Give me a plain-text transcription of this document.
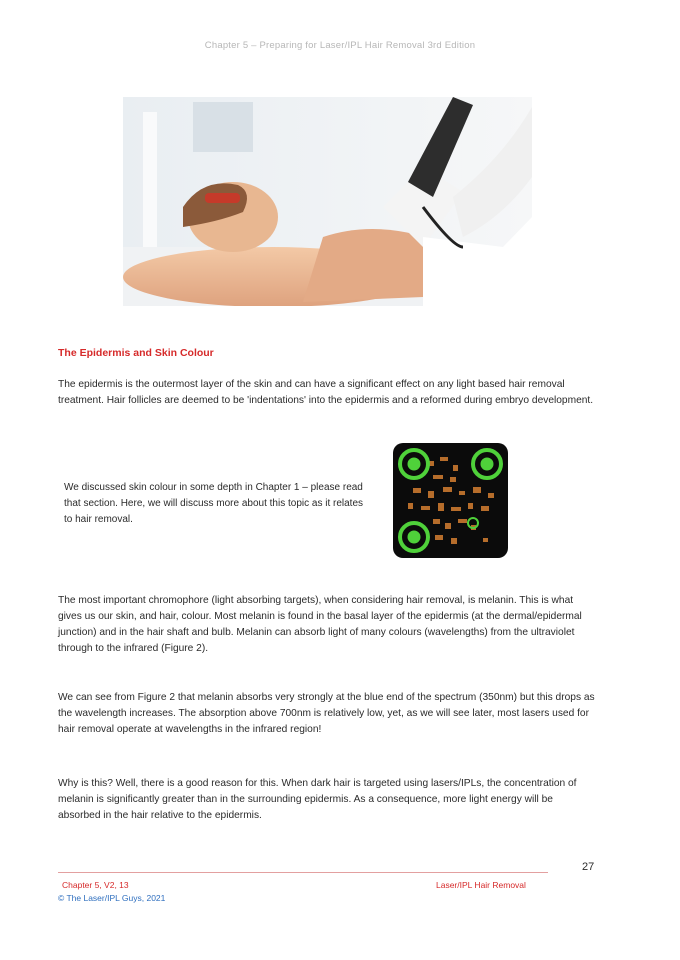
Chapter 5 – Preparing for Laser/IPL Hair Removal 3rd Edition
The Epidermis and Skin Colour

The epidermis is the outermost layer of the skin and can have a significant effect on any light based hair removal treatment. Hair follicles are deemed to be 'indentations' into the epidermis and a reformed during embryo development.

We discussed skin colour in some depth in Chapter 1 – please read that section. Here, we will discuss more about this topic as it relates to hair removal.

The most important chromophore (light absorbing targets), when considering hair removal, is melanin. This is what gives us our skin, and hair, colour. Most melanin is found in the basal layer of the epidermis (at the dermal/epidermal junction) and in the hair shaft and bulb. Melanin can absorb light of many colours (wavelengths) from the ultraviolet through to the infrared (Figure 2).

We can see from Figure 2 that melanin absorbs very strongly at the blue end of the spectrum (350nm) but this drops as the wavelength increases. The absorption above 700nm is relatively low, yet, as we will see later, most lasers used for hair removal operate at wavelengths in the infrared region!

Why is this? Well, there is a good reason for this. When dark hair is targeted using lasers/IPLs, the concentration of melanin is significantly greater than in the surrounding epidermis. As a consequence, more light energy will be absorbed in the hair relative to the epidermis.

27
Chapter 5, V2, 13
© The Laser/IPL Guys, 2021
Laser/IPL Hair Removal
